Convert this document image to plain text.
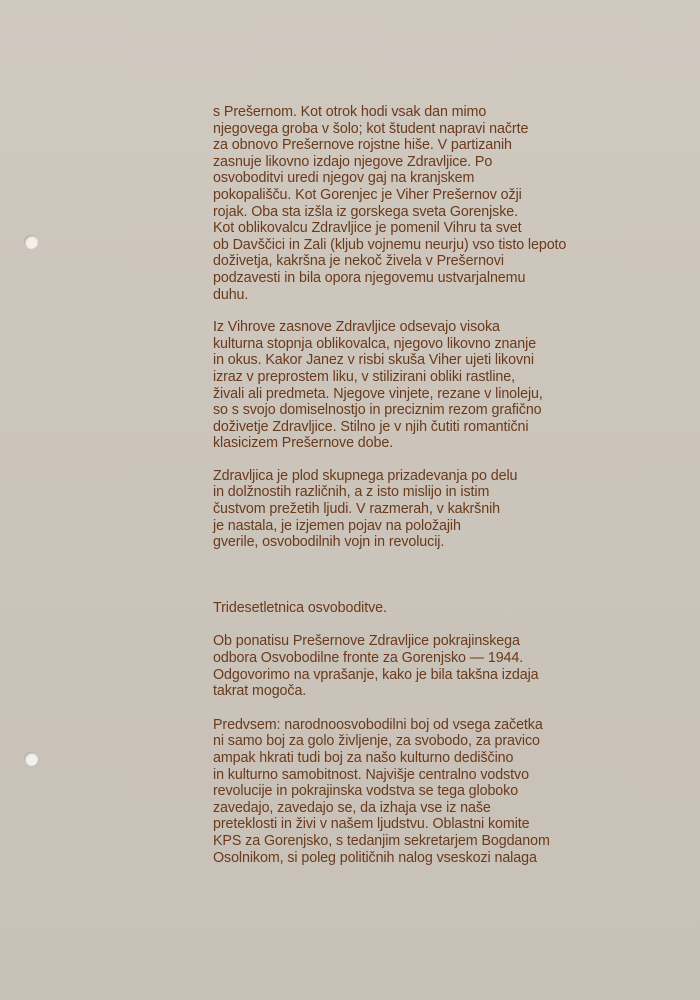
s Prešernom. Kot otrok hodi vsak dan mimo
njegovega groba v šolo; kot študent napravi načrte
za obnovo Prešernove rojstne hiše. V partizanih
zasnuje likovno izdajo njegove Zdravljice. Po
osvoboditvi uredi njegov gaj na kranjskem
pokopališču. Kot Gorenjec je Viher Prešernov ožji
rojak. Oba sta izšla iz gorskega sveta Gorenjske.
Kot oblikovalcu Zdravljice je pomenil Vihru ta svet
ob Davščici in Zali (kljub vojnemu neurju) vso tisto lepoto
doživetja, kakršna je nekoč živela v Prešernovi
podzavesti in bila opora njegovemu ustvarjalnemu
duhu.
Iz Vihrove zasnove Zdravljice odsevajo visoka
kulturna stopnja oblikovalca, njegovo likovno znanje
in okus. Kakor Janez v risbi skuša Viher ujeti likovni
izraz v preprostem liku, v stilizirani obliki rastline,
živali ali predmeta. Njegove vinjete, rezane v linoleju,
so s svojo domiselnostjo in preciznim rezom grafično
doživetje Zdravljice. Stilno je v njih čutiti romantični
klasicizem Prešernove dobe.
Zdravljica je plod skupnega prizadevanja po delu
in dolžnostih različnih, a z isto mislijo in istim
čustvom prežetih ljudi. V razmerah, v kakršnih
je nastala, je izjemen pojav na položajih
gverile, osvobodilnih vojn in revolucij.
Tridesetletnica osvoboditve.
Ob ponatisu Prešernove Zdravljice pokrajinskega
odbora Osvobodilne fronte za Gorenjsko — 1944.
Odgovorimo na vprašanje, kako je bila takšna izdaja
takrat mogoča.
Predvsem: narodnoosvobodilni boj od vsega začetka
ni samo boj za golo življenje, za svobodo, za pravico
ampak hkrati tudi boj za našo kulturno dediščino
in kulturno samobitnost. Najvišje centralno vodstvo
revolucije in pokrajinska vodstva se tega globoko
zavedajo, zavedajo se, da izhaja vse iz naše
preteklosti in živi v našem ljudstvu. Oblastni komite
KPS za Gorenjsko, s tedanjim sekretarjem Bogdanom
Osolnikom, si poleg političnih nalog vseskozi nalaga
